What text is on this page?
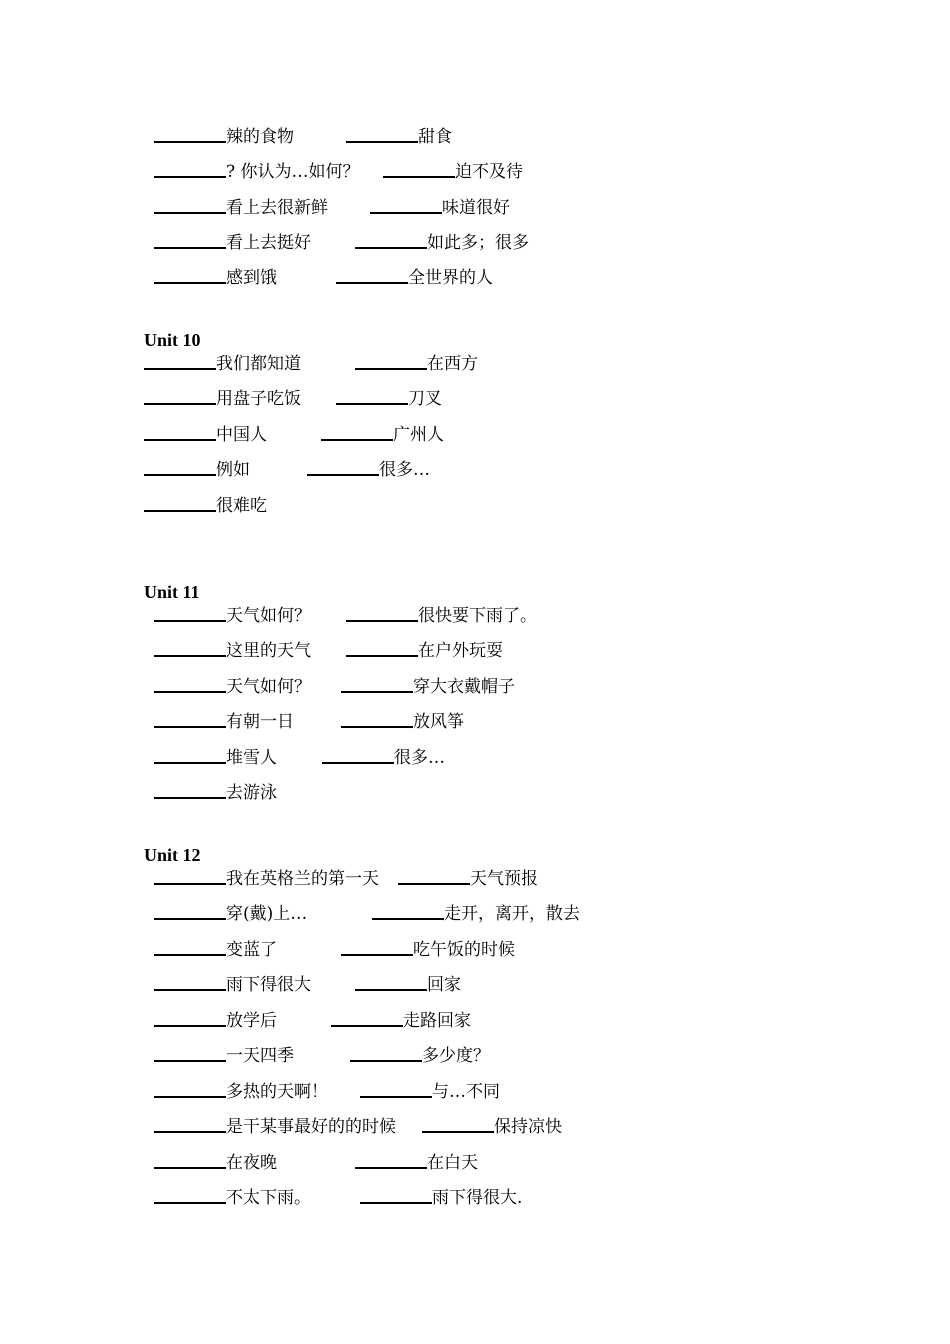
辣的食物	甜食
? 你认为…如何？	迫不及待
看上去很新鲜	味道很好
看上去挺好	如此多；很多
感到饿	全世界的人
Unit 10
我们都知道	在西方
用盘子吃饭	刀叉
中国人	广州人
例如	很多…
很难吃
Unit 11
天气如何？	很快要下雨了。
这里的天气	在户外玩耍
天气如何？	穿大衣戴帽子
有朝一日	放风筝
堆雪人	很多…
去游泳
Unit 12
我在英格兰的第一天	天气预报
穿(戴)上…	走开，离开，散去
变蓝了	吃午饭的时候
雨下得很大	回家
放学后	走路回家
一天四季	多少度？
多热的天啊！	与…不同
是干某事最好的的时候	保持凉快
在夜晚	在白天
不太下雨。	雨下得很大.
